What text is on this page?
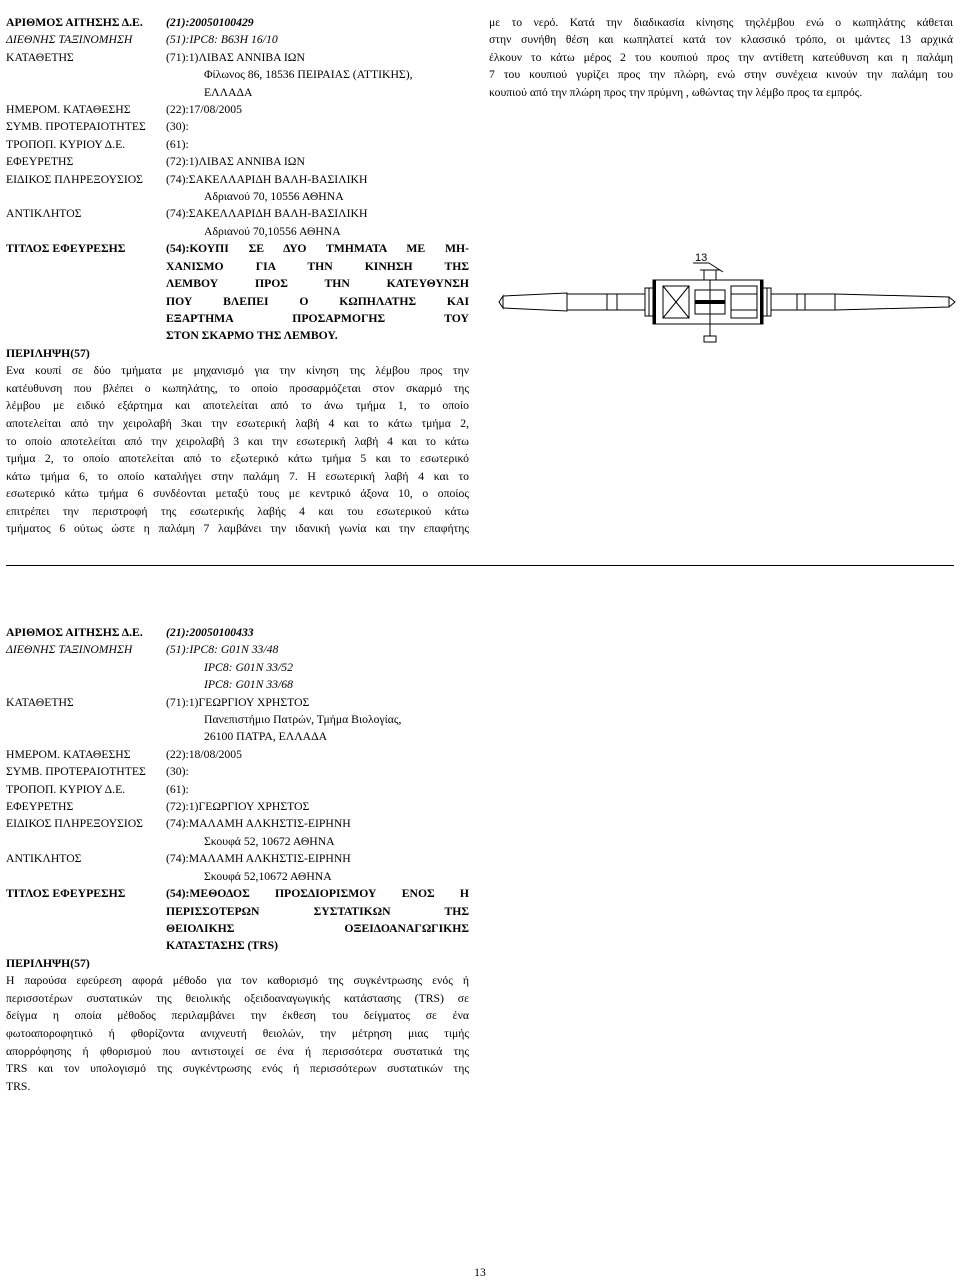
ΑΡΙΘΜΟΣ ΑΙΤΗΣΗΣ Δ.Ε.	(21):20050100429
ΔΙΕΘΝΗΣ ΤΑΞΙΝΟΜΗΣΗ	(51):IPC8: B63H 16/10
ΚΑΤΑΘΕΤΗΣ	(71):1)ΛΙΒΑΣ ΑΝΝΙΒΑ ΙΩΝ
Φίλωνος 86, 18536 ΠΕΙΡΑΙΑΣ (ΑΤΤΙΚΗΣ),
ΕΛΛΑΔΑ
ΗΜΕΡΟΜ. ΚΑΤΑΘΕΣΗΣ	(22):17/08/2005
ΣΥΜΒ. ΠΡΟΤΕΡΑΙΟΤΗΤΕΣ	(30):
ΤΡΟΠΟΠ. ΚΥΡΙΟΥ Δ.Ε.	(61):
ΕΦΕΥΡΕΤΗΣ	(72):1)ΛΙΒΑΣ ΑΝΝΙΒΑ ΙΩΝ
ΕΙΔΙΚΟΣ ΠΛΗΡΕΞΟΥΣΙΟΣ	(74):ΣΑΚΕΛΛΑΡΙΔΗ ΒΑΛΗ-ΒΑΣΙΛΙΚΗ
Αδριανού 70, 10556 ΑΘΗΝΑ
ΑΝΤΙΚΛΗΤΟΣ	(74):ΣΑΚΕΛΛΑΡΙΔΗ ΒΑΛΗ-ΒΑΣΙΛΙΚΗ
Αδριανού 70,10556 ΑΘΗΝΑ
ΤΙΤΛΟΣ ΕΦΕΥΡΕΣΗΣ	(54):ΚΟΥΠΙ ΣΕ ΔΥΟ ΤΜΗΜΑΤΑ ΜΕ ΜΗ-
ΧΑΝΙΣΜΟ ΓΙΑ ΤΗΝ ΚΙΝΗΣΗ ΤΗΣ
ΛΕΜΒΟΥ ΠΡΟΣ ΤΗΝ ΚΑΤΕΥΘΥΝΣΗ
ΠΟΥ ΒΛΕΠΕΙ Ο ΚΩΠΗΛΑΤΗΣ ΚΑΙ
ΕΞΑΡΤΗΜΑ ΠΡΟΣΑΡΜΟΓΗΣ ΤΟΥ
ΣΤΟΝ ΣΚΑΡΜΟ ΤΗΣ ΛΕΜΒΟΥ.
ΠΕΡΙΛΗΨΗ(57)
Ενα κουπί σε δύο τμήματα με μηχανισμό για την κίνηση της λέμβου προς την
κατέυθυνση που βλέπει ο κωπηλάτης, το οποίο προσαρμόζεται στον σκαρμό της
λέμβου με ειδικό εξάρτημα και αποτελείται από το άνω τμήμα 1, το οποίο
αποτελείται από την χειρολαβή 3και την εσωτερική λαβή 4 και το κάτω τμήμα 2,
το οποίο αποτελείται από την χειρολαβή 3 και την εσωτερική λαβή 4 και το κάτω
τμήμα 2, το οποίο αποτελείται από το εξωτερικό κάτω τμήμα 5 και το εσωτερικό
κάτω τμήμα 6, το οποίο καταλήγει στην παλάμη 7. Η εσωτερική λαβή 4 και το
εσωτερικό κάτω τμήμα 6 συνδέονται μεταξύ τους με κεντρικό άξονα 10, ο οποίος
επιτρέπει την περιστροφή της εσωτερικής λαβής 4 και του εσωτερικού κάτω
τμήματος 6 ούτως ώστε η παλάμη 7 λαμβάνει την ιδανική γωνία και την επαφήτης
με το νερό. Κατά την διαδικασία κίνησης τηςλέμβου ενώ ο κωπηλάτης κάθεται
στην συνήθη θέση και κωπηλατεί κατά τον κλασσικό τρόπο, οι ιμάντες 13 αρχικά
έλκουν το κάτω μέρος 2 του κουπιού προς την αντίθετη κατεύθυνση και η παλάμη
7 του κουπιού γυρίζει προς την πλώρη, ενώ στην συνέχεια κινούν την παλάμη του
κουπιού από την πλώρη προς την πρύμνη , ωθώντας την λέμβο προς τα εμπρός.
13
ΑΡΙΘΜΟΣ ΑΙΤΗΣΗΣ Δ.Ε.	(21):20050100433
ΔΙΕΘΝΗΣ ΤΑΞΙΝΟΜΗΣΗ	(51):IPC8: G01N 33/48
IPC8: G01N 33/52
IPC8: G01N 33/68
ΚΑΤΑΘΕΤΗΣ	(71):1)ΓΕΩΡΓΙΟΥ ΧΡΗΣΤΟΣ
Πανεπιστήμιο Πατρών, Τμήμα Βιολογίας,
26100 ΠΑΤΡΑ, ΕΛΛΑΔΑ
ΗΜΕΡΟΜ. ΚΑΤΑΘΕΣΗΣ	(22):18/08/2005
ΣΥΜΒ. ΠΡΟΤΕΡΑΙΟΤΗΤΕΣ	(30):
ΤΡΟΠΟΠ. ΚΥΡΙΟΥ Δ.Ε.	(61):
ΕΦΕΥΡΕΤΗΣ	(72):1)ΓΕΩΡΓΙΟΥ ΧΡΗΣΤΟΣ
ΕΙΔΙΚΟΣ ΠΛΗΡΕΞΟΥΣΙΟΣ	(74):ΜΑΛΑΜΗ ΑΛΚΗΣΤΙΣ-ΕΙΡΗΝΗ
Σκουφά 52, 10672 ΑΘΗΝΑ
ΑΝΤΙΚΛΗΤΟΣ	(74):ΜΑΛΑΜΗ ΑΛΚΗΣΤΙΣ-ΕΙΡΗΝΗ
Σκουφά 52,10672 ΑΘΗΝΑ
ΤΙΤΛΟΣ ΕΦΕΥΡΕΣΗΣ	(54):ΜΕΘΟΔΟΣ ΠΡΟΣΔΙΟΡΙΣΜΟΥ ΕΝΟΣ Η
ΠΕΡΙΣΣΟΤΕΡΩΝ ΣΥΣΤΑΤΙΚΩΝ ΤΗΣ
ΘΕΙΟΛΙΚΗΣ ΟΞΕΙΔΟΑΝΑΓΩΓΙΚΗΣ
ΚΑΤΑΣΤΑΣΗΣ (TRS)
ΠΕΡΙΛΗΨΗ(57)
Η παρούσα εφεύρεση αφορά μέθοδο για τον καθορισμό της συγκέντρωσης ενός ή
περισσοτέρων συστατικών της θειολικής οξειδοαναγωγικής κατάστασης (TRS) σε
δείγμα η οποία μέθοδος περιλαμβάνει την έκθεση του δείγματος σε ένα
φωτοαποροφητικό ή φθορίζοντα ανιχνευτή θειολών, την μέτρηση μιας τιμής
απορρόφησης ή φθορισμού που αντιστοιχεί σε ένα ή περισσότερα συστατικά της
TRS και τον υπολογισμό της συγκέντρωσης ενός ή περισσότερων συστατικών της
TRS.
13
